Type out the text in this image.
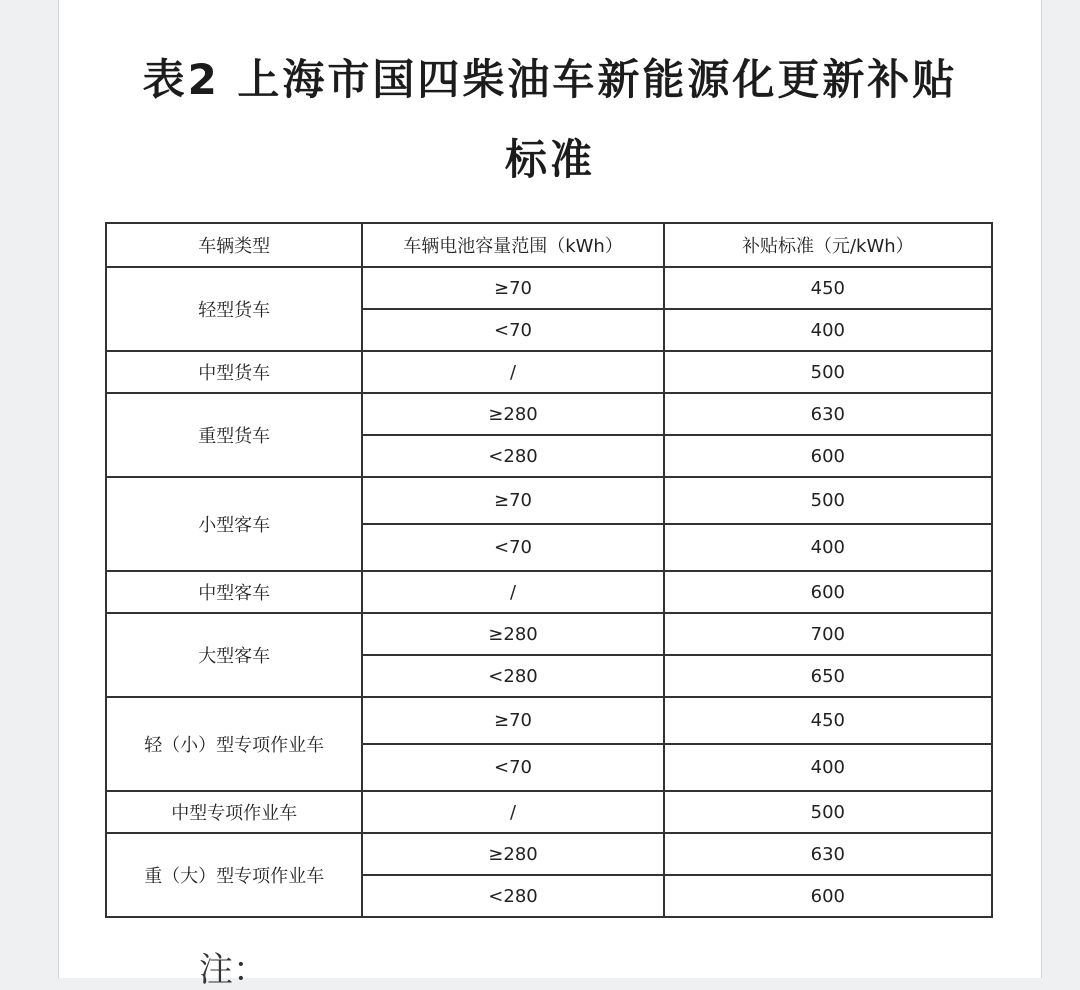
表2 上海市国四柴油车新能源化更新补贴
标准
车辆类型	车辆电池容量范围（kWh）	补贴标准（元/kWh）
轻型货车	≥70	450
	<70	400
中型货车	/	500
重型货车	≥280	630
	<280	600
小型客车	≥70	500
	<70	400
中型客车	/	600
大型客车	≥280	700
	<280	650
轻（小）型专项作业车	≥70	450
	<70	400
中型专项作业车	/	500
重（大）型专项作业车	≥280	630
	<280	600
注：
